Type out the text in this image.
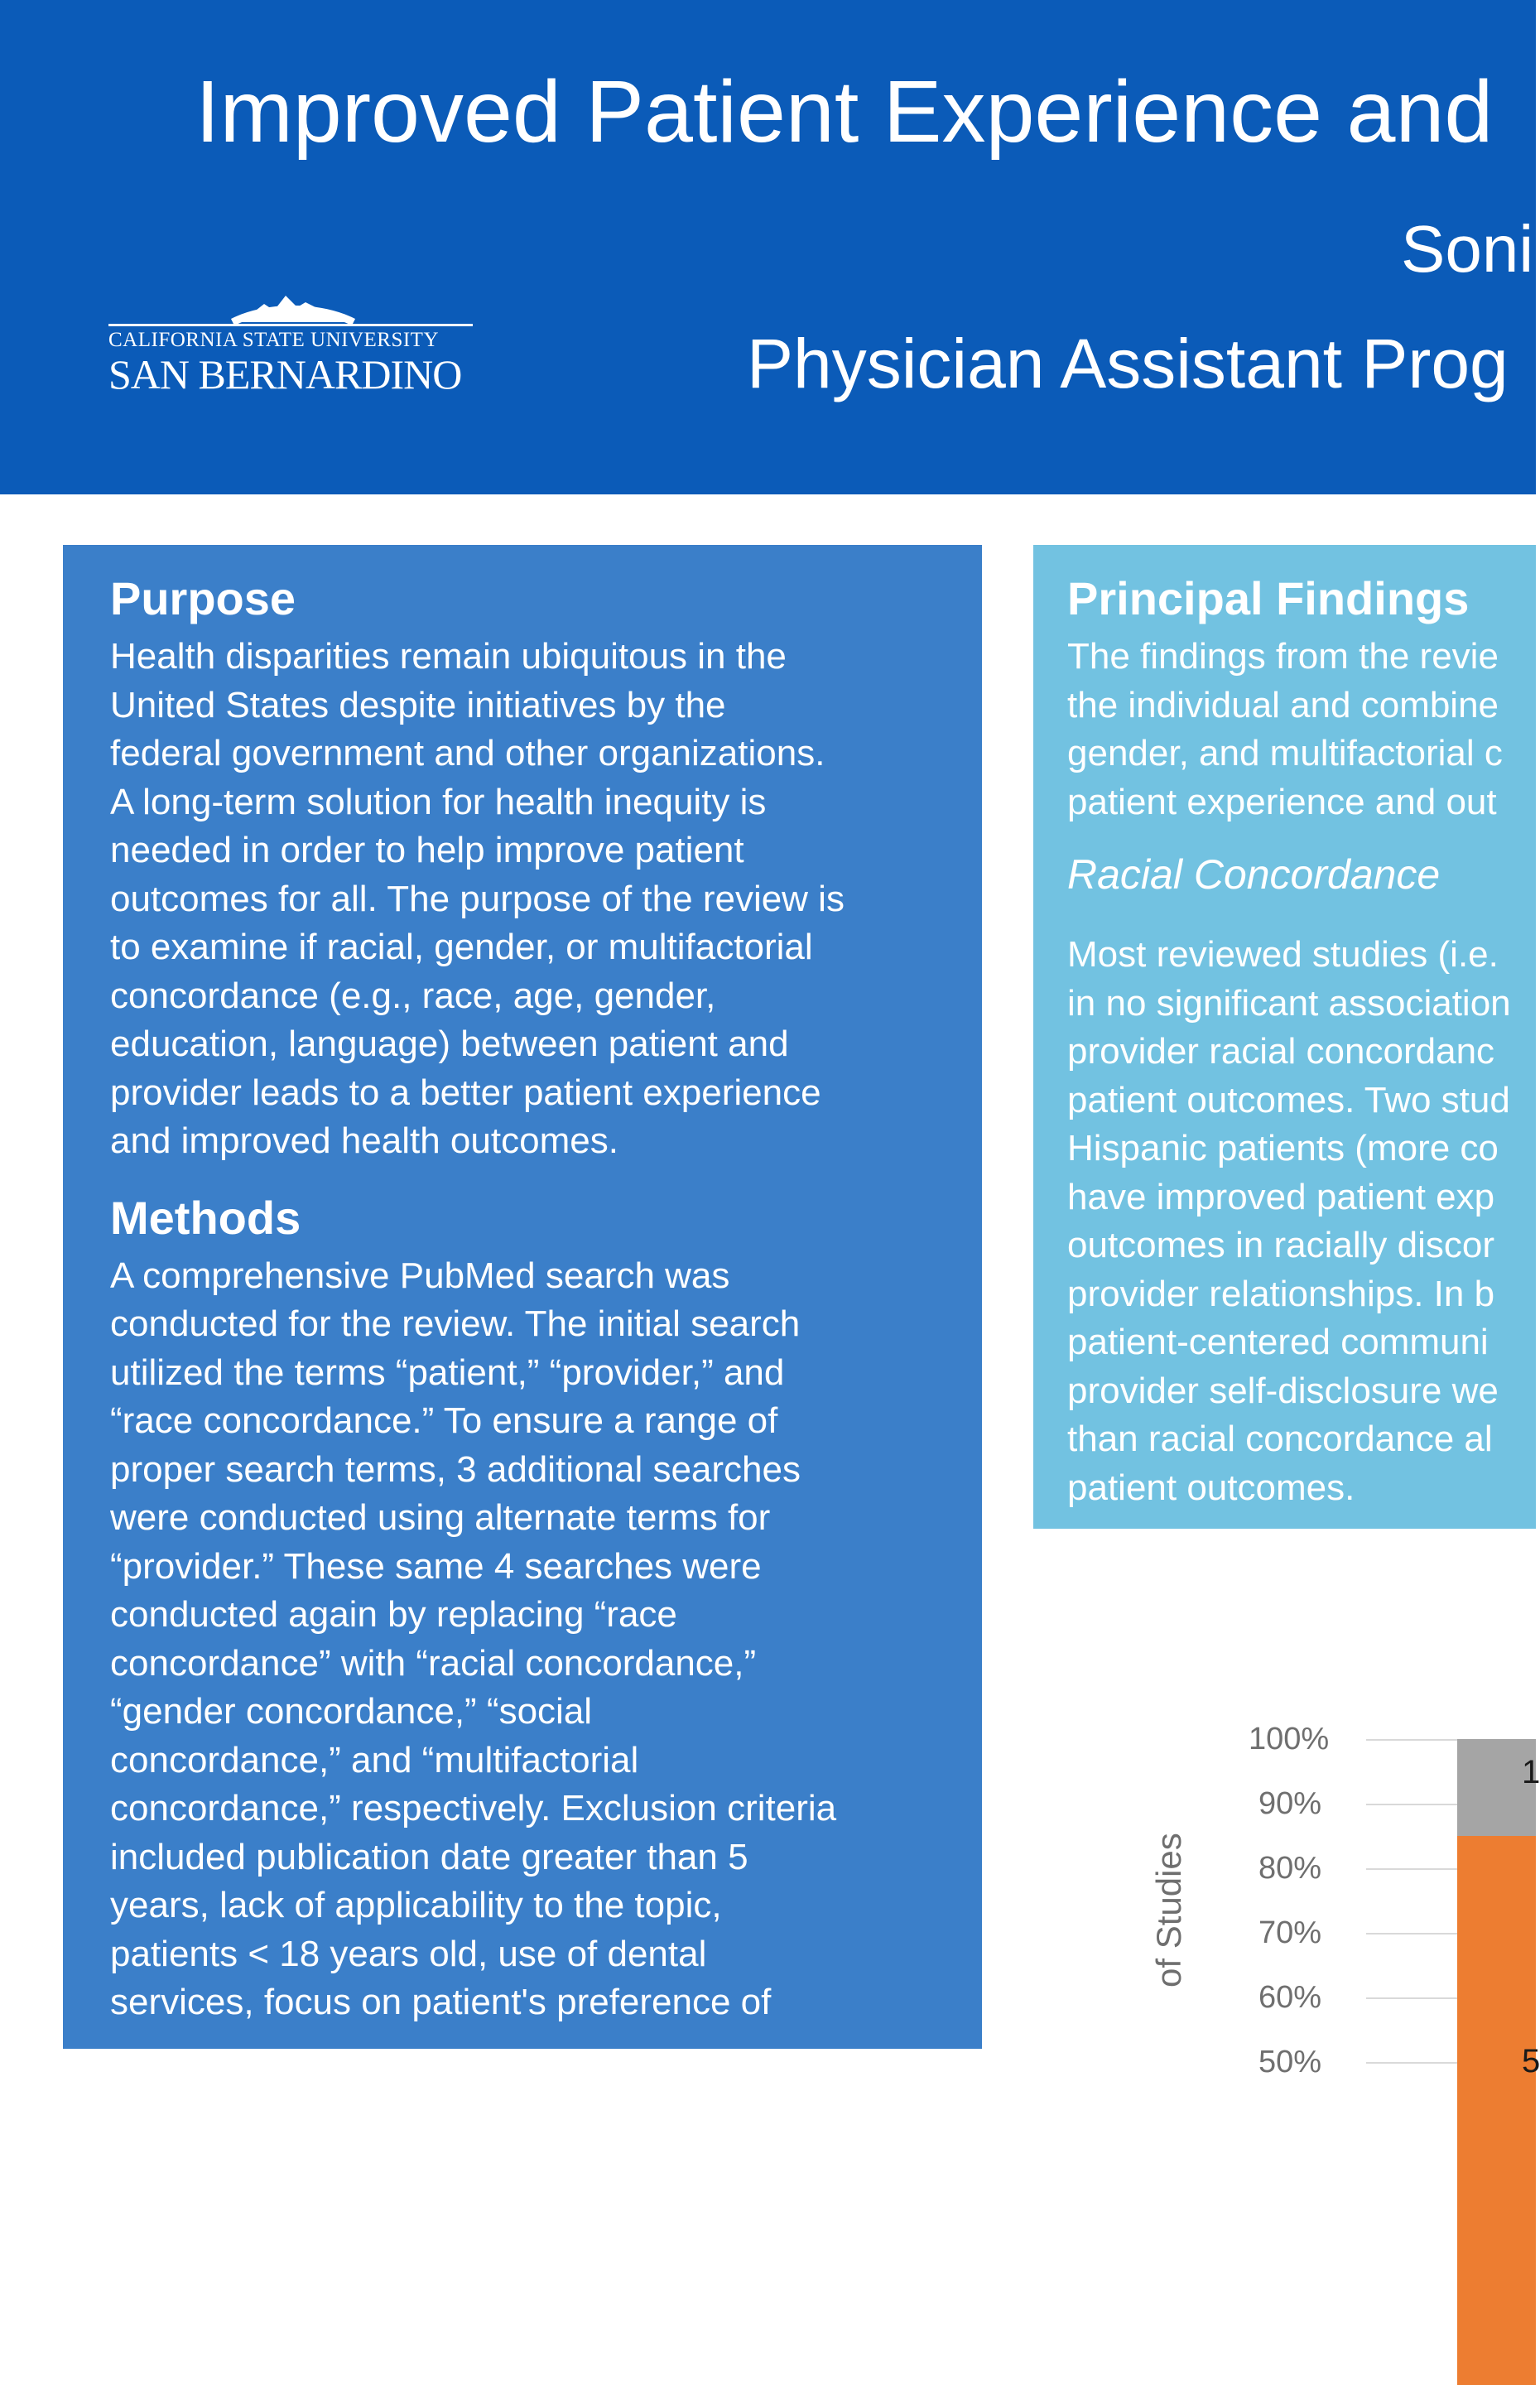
Improved Patient Experience and
Soni
Physician Assistant Prog
CALIFORNIA STATE UNIVERSITY
SAN BERNARDINO
Purpose

Health disparities remain ubiquitous in the
United States despite initiatives by the
federal government and other organizations.
A long-term solution for health inequity is
needed in order to help improve patient
outcomes for all. The purpose of the review is
to examine if racial, gender, or multifactorial
concordance (e.g., race, age, gender,
education, language) between patient and
provider leads to a better patient experience
and improved health outcomes.

Methods

A comprehensive PubMed search was
conducted for the review. The initial search
utilized the terms “patient,” “provider,” and
“race concordance.” To ensure a range of
proper search terms, 3 additional searches
were conducted using alternate terms for
“provider.” These same 4 searches were
conducted again by replacing “race
concordance” with “racial concordance,”
“gender concordance,” “social
concordance,” and “multifactorial
concordance,” respectively. Exclusion criteria
included publication date greater than 5
years, lack of applicability to the topic,
patients < 18 years old, use of dental
services, focus on patient's preference of

Principal Findings

The findings from the revie
the individual and combine
gender, and multifactorial c
patient experience and out

Racial Concordance

Most reviewed studies (i.e.
in no significant association
provider racial concordanc
patient outcomes. Two stud
Hispanic patients (more co
have improved patient exp
outcomes in racially discor
provider relationships. In b
patient-centered communi
provider self-disclosure we
than racial concordance al
patient outcomes.

of Studies
100%
90%
80%
70%
60%
50%	5
1
